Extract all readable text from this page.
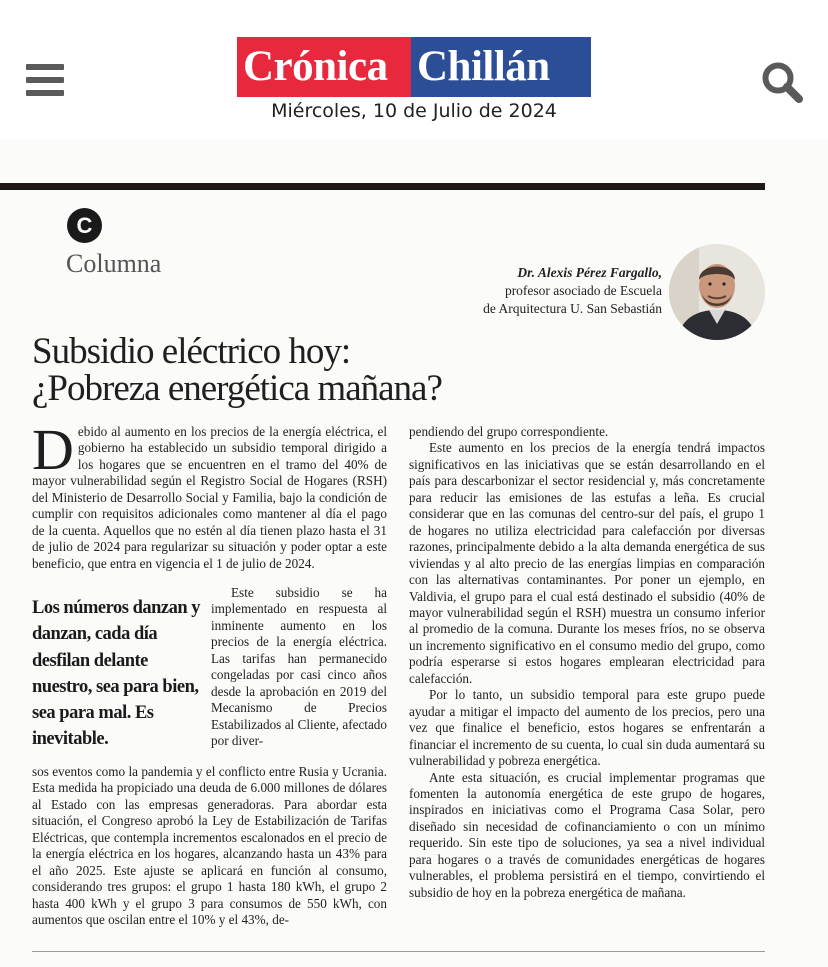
Crónica Chillán
Miércoles, 10 de Julio de 2024
C
Columna	Dr. Alexis Pérez Fargallo,
profesor asociado de Escuela
de Arquitectura U. San Sebastián
Subsidio eléctrico hoy:
¿Pobreza energética mañana?
D ebido al aumento en los precios de la energía eléctrica, el gobierno ha establecido un subsidio temporal dirigido a los hogares que se encuentren en el tramo del 40% de mayor vulnerabilidad según el Registro Social de Hogares (RSH) del Ministerio de Desarrollo Social y Familia, bajo la condición de cumplir con requisitos adicionales como mantener al día el pago de la cuenta. Aquellos que no estén al día tienen plazo hasta el 31 de julio de 2024 para regularizar su situación y poder optar a este beneficio, que entra en vigencia el 1 de julio de 2024.

Los números danzan y danzan, cada día desfilan delante nuestro, sea para bien, sea para mal. Es inevitable.

Este subsidio se ha implementado en respuesta al inminente aumento en los precios de la energía eléctrica. Las tarifas han permanecido congeladas por casi cinco años desde la aprobación en 2019 del Mecanismo de Precios Estabilizados al Cliente, afectado por diver-

sos eventos como la pandemia y el conflicto entre Rusia y Ucrania. Esta medida ha propiciado una deuda de 6.000 millones de dólares al Estado con las empresas generadoras. Para abordar esta situación, el Congreso aprobó la Ley de Estabilización de Tarifas Eléctricas, que contempla incrementos escalonados en el precio de la energía eléctrica en los hogares, alcanzando hasta un 43% para el año 2025. Este ajuste se aplicará en función al consumo, considerando tres grupos: el grupo 1 hasta 180 kWh, el grupo 2 hasta 400 kWh y el grupo 3 para consumos de 550 kWh, con aumentos que oscilan entre el 10% y el 43%, de-

pendiendo del grupo correspondiente.

Este aumento en los precios de la energía tendrá impactos significativos en las iniciativas que se están desarrollando en el país para descarbonizar el sector residencial y, más concretamente para reducir las emisiones de las estufas a leña. Es crucial considerar que en las comunas del centro-sur del país, el grupo 1 de hogares no utiliza electricidad para calefacción por diversas razones, principalmente debido a la alta demanda energética de sus viviendas y al alto precio de las energías limpias en comparación con las alternativas contaminantes. Por poner un ejemplo, en Valdivia, el grupo para el cual está destinado el subsidio (40% de mayor vulnerabilidad según el RSH) muestra un consumo inferior al promedio de la comuna. Durante los meses fríos, no se observa un incremento significativo en el consumo medio del grupo, como podría esperarse si estos hogares emplearan electricidad para calefacción.

Por lo tanto, un subsidio temporal para este grupo puede ayudar a mitigar el impacto del aumento de los precios, pero una vez que finalice el beneficio, estos hogares se enfrentarán a financiar el incremento de su cuenta, lo cual sin duda aumentará su vulnerabilidad y pobreza energética.

Ante esta situación, es crucial implementar programas que fomenten la autonomía energética de este grupo de hogares, inspirados en iniciativas como el Programa Casa Solar, pero diseñado sin necesidad de cofinanciamiento o con un mínimo requerido. Sin este tipo de soluciones, ya sea a nivel individual para hogares o a través de comunidades energéticas de hogares vulnerables, el problema persistirá en el tiempo, convirtiendo el subsidio de hoy en la pobreza energética de mañana.
